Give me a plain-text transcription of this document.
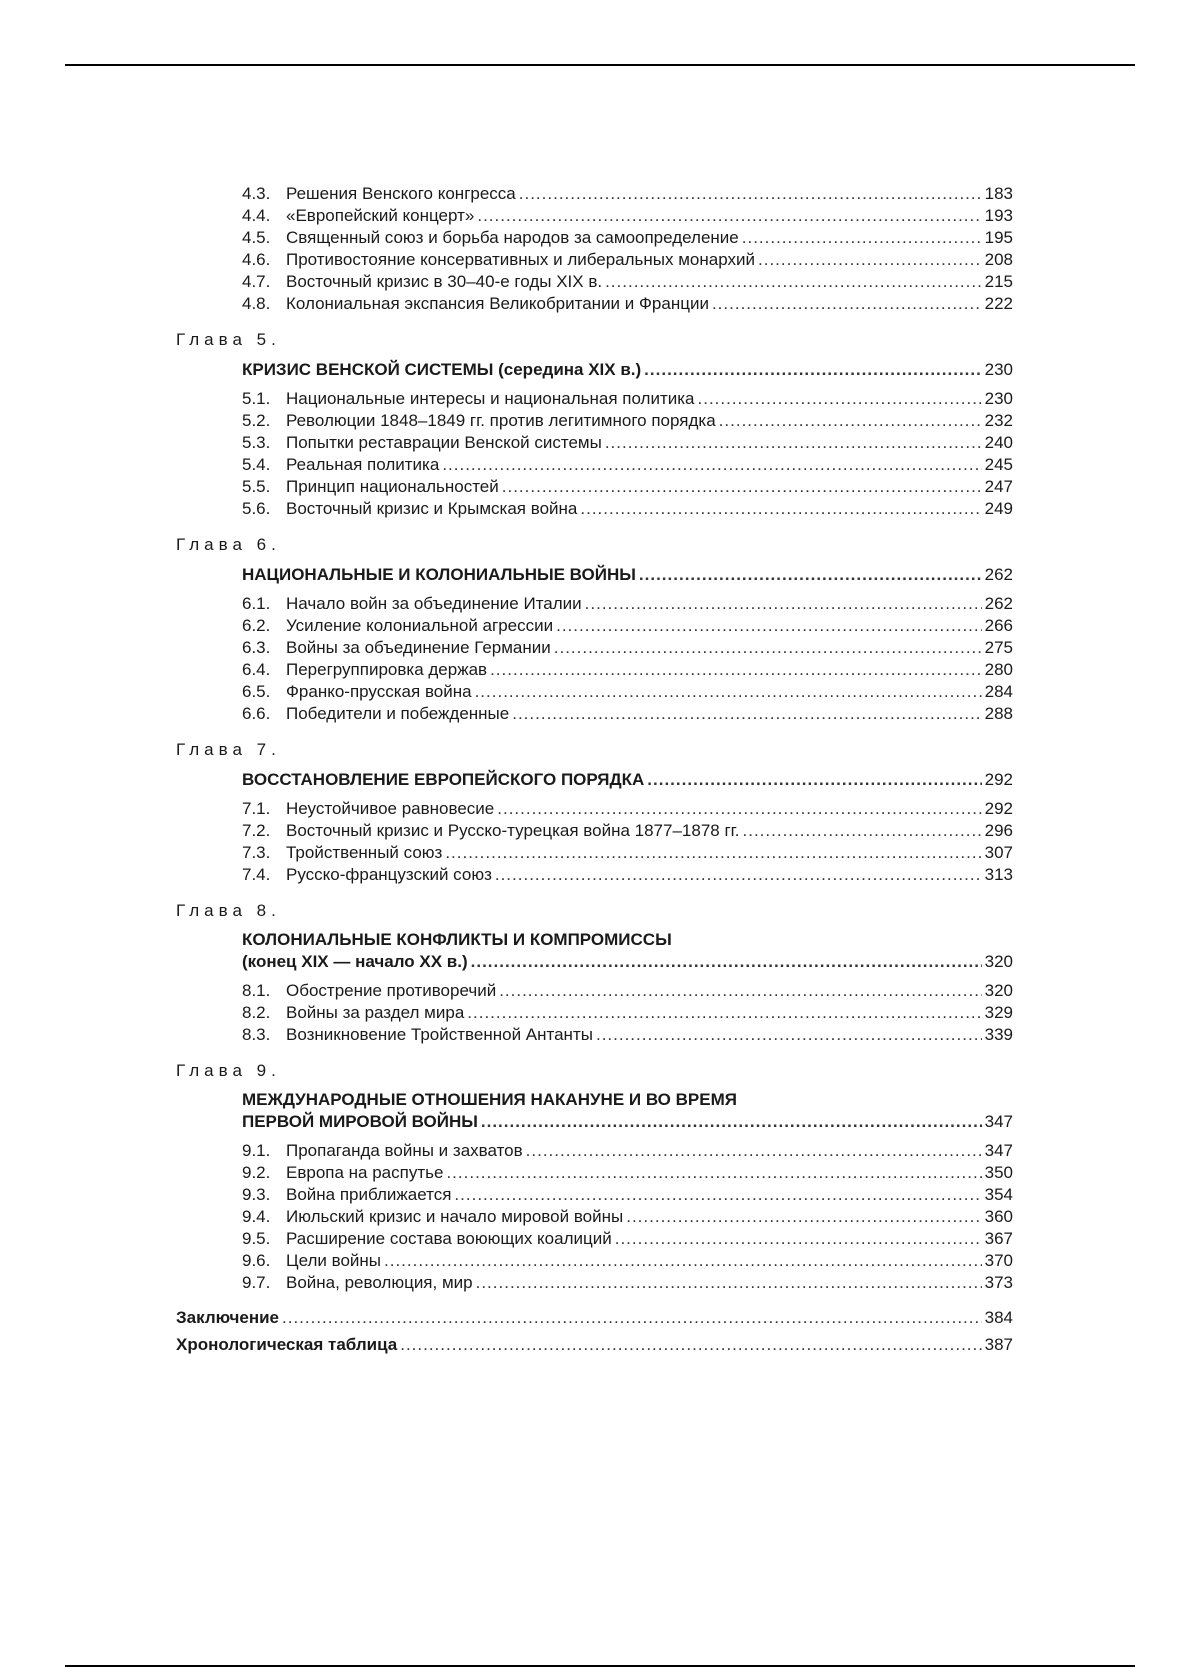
4.3. Решения Венского конгресса .....	183
4.4. «Европейский концерт» .....	193
4.5. Священный союз и борьба народов за самоопределение .....	195
4.6. Противостояние консервативных и либеральных монархий .....	208
4.7. Восточный кризис в 30–40-е годы XIX в. .....	215
4.8. Колониальная экспансия Великобритании и Франции .....	222
Глава 5.
КРИЗИС ВЕНСКОЙ СИСТЕМЫ (середина XIX в.) .....	230
5.1. Национальные интересы и национальная политика .....	230
5.2. Революции 1848–1849 гг. против легитимного порядка .....	232
5.3. Попытки реставрации Венской системы .....	240
5.4. Реальная политика .....	245
5.5. Принцип национальностей .....	247
5.6. Восточный кризис и Крымская война .....	249
Глава 6.
НАЦИОНАЛЬНЫЕ И КОЛОНИАЛЬНЫЕ ВОЙНЫ .....	262
6.1. Начало войн за объединение Италии .....	262
6.2. Усиление колониальной агрессии .....	266
6.3. Войны за объединение Германии .....	275
6.4. Перегруппировка держав .....	280
6.5. Франко-прусская война .....	284
6.6. Победители и побежденные .....	288
Глава 7.
ВОССТАНОВЛЕНИЕ ЕВРОПЕЙСКОГО ПОРЯДКА .....	292
7.1. Неустойчивое равновесие .....	292
7.2. Восточный кризис и Русско-турецкая война 1877–1878 гг. .....	296
7.3. Тройственный союз .....	307
7.4. Русско-французский союз .....	313
Глава 8.
КОЛОНИАЛЬНЫЕ КОНФЛИКТЫ И КОМПРОМИССЫ
(конец XIX — начало XX в.) .....	320
8.1. Обострение противоречий .....	320
8.2. Войны за раздел мира .....	329
8.3. Возникновение Тройственной Антанты .....	339
Глава 9.
МЕЖДУНАРОДНЫЕ ОТНОШЕНИЯ НАКАНУНЕ И ВО ВРЕМЯ
ПЕРВОЙ МИРОВОЙ ВОЙНЫ .....	347
9.1. Пропаганда войны и захватов .....	347
9.2. Европа на распутье .....	350
9.3. Война приближается .....	354
9.4. Июльский кризис и начало мировой войны .....	360
9.5. Расширение состава воюющих коалиций .....	367
9.6. Цели войны .....	370
9.7. Война, революция, мир .....	373
Заключение .....	384
Хронологическая таблица .....	387
